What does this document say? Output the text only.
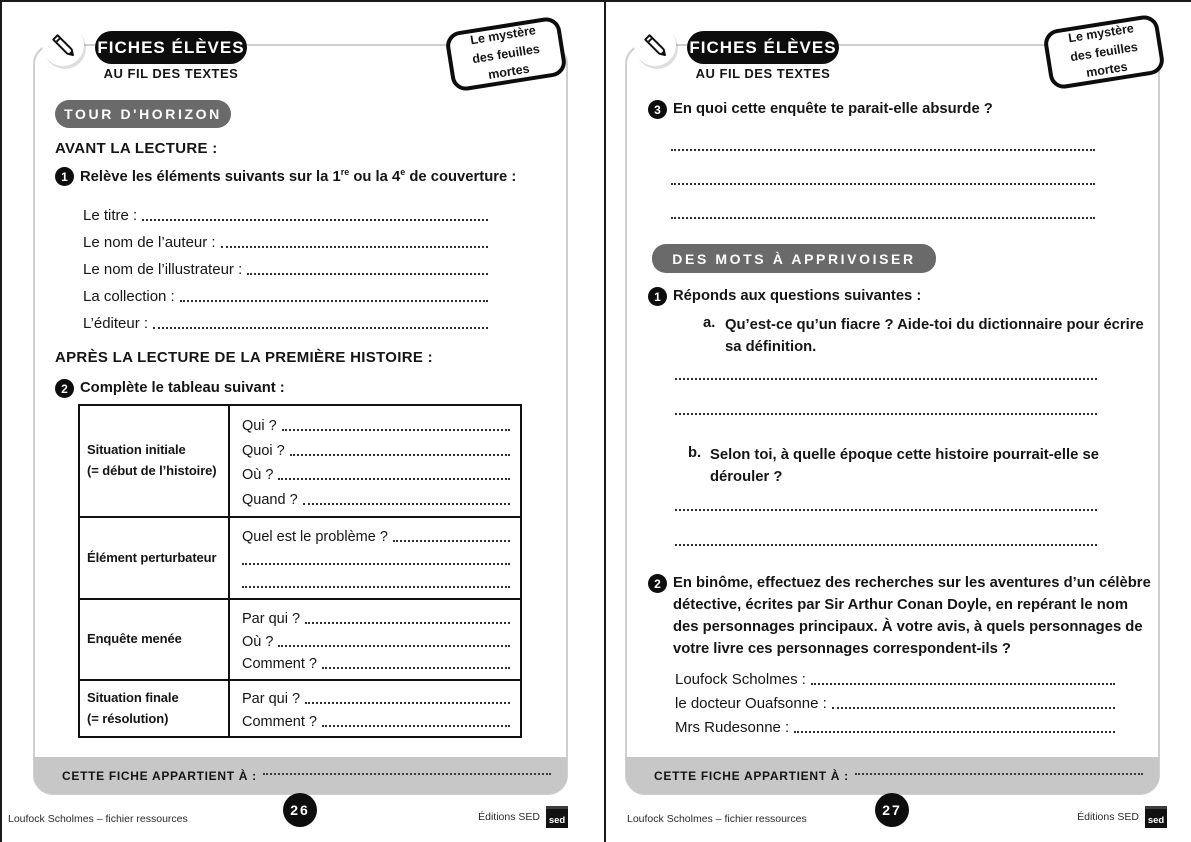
FICHES ÉLÈVES
AU FIL DES TEXTES
Le mystère
des feuilles mortes
TOUR D'HORIZON
AVANT LA LECTURE :
1 Relève les éléments suivants sur la 1re ou la 4e de couverture :
Le titre :
Le nom de l’auteur :
Le nom de l’illustrateur :
La collection :
L’éditeur :
APRÈS LA LECTURE DE LA PREMIÈRE HISTOIRE :
2 Complète le tableau suivant :
Situation initiale
(= début de l’histoire)
Qui ?
Quoi ?
Où ?
Quand ?
Élément perturbateur
Quel est le problème ?
Enquête menée
Par qui ?
Où ?
Comment ?
Situation finale
(= résolution)
Par qui ?
Comment ?
CETTE FICHE APPARTIENT À :
26
Loufock Scholmes – fichier ressources	Éditions SED sed
FICHES ÉLÈVES
AU FIL DES TEXTES
Le mystère
des feuilles mortes
3 En quoi cette enquête te parait-elle absurde ?
DES MOTS À APPRIVOISER
1 Réponds aux questions suivantes :
a. Qu’est-ce qu’un fiacre ? Aide-toi du dictionnaire pour écrire sa définition.
b. Selon toi, à quelle époque cette histoire pourrait-elle se dérouler ?
2 En binôme, effectuez des recherches sur les aventures d’un célèbre détective, écrites par Sir Arthur Conan Doyle, en repérant le nom des personnages principaux. À votre avis, à quels personnages de votre livre ces personnages correspondent-ils ?
Loufock Scholmes :
le docteur Ouafsonne :
Mrs Rudesonne :
CETTE FICHE APPARTIENT À :
27
Loufock Scholmes – fichier ressources	Éditions SED sed
